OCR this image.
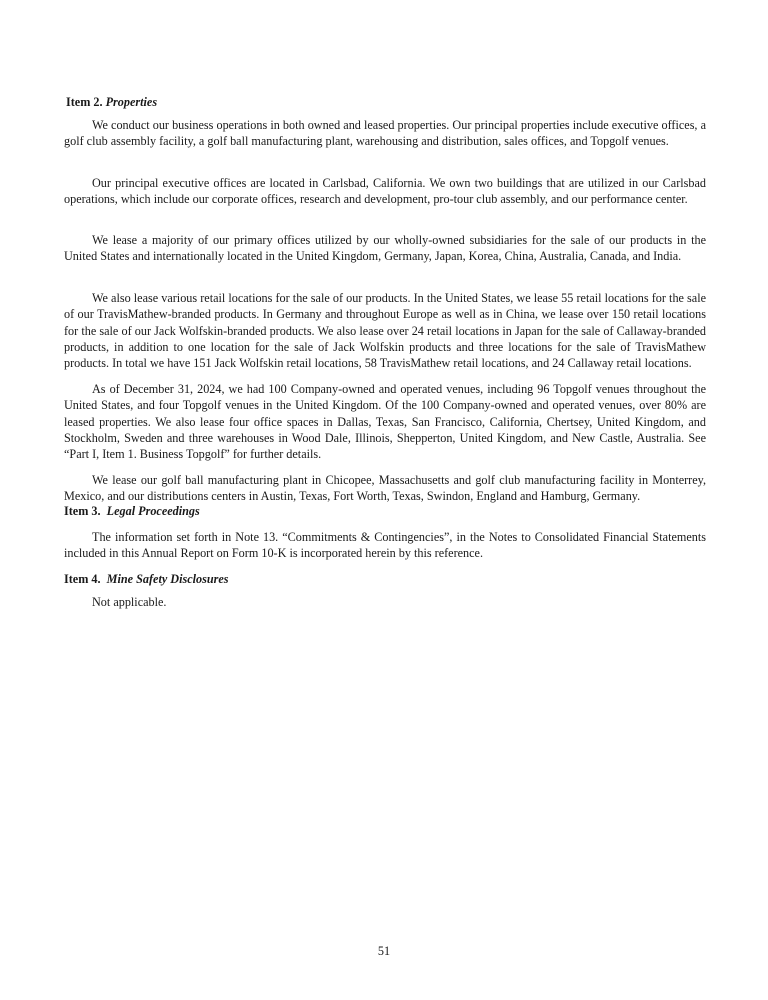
Item 2. Properties

We conduct our business operations in both owned and leased properties. Our principal properties include executive offices, a golf club assembly facility, a golf ball manufacturing plant, warehousing and distribution, sales offices, and Topgolf venues.

Our principal executive offices are located in Carlsbad, California. We own two buildings that are utilized in our Carlsbad operations, which include our corporate offices, research and development, pro-tour club assembly, and our performance center.

We lease a majority of our primary offices utilized by our wholly-owned subsidiaries for the sale of our products in the United States and internationally located in the United Kingdom, Germany, Japan, Korea, China, Australia, Canada, and India.

We also lease various retail locations for the sale of our products. In the United States, we lease 55 retail locations for the sale of our TravisMathew-branded products. In Germany and throughout Europe as well as in China, we lease over 150 retail locations for the sale of our Jack Wolfskin-branded products. We also lease over 24 retail locations in Japan for the sale of Callaway-branded products, in addition to one location for the sale of Jack Wolfskin products and three locations for the sale of TravisMathew products. In total we have 151 Jack Wolfskin retail locations, 58 TravisMathew retail locations, and 24 Callaway retail locations.

As of December 31, 2024, we had 100 Company-owned and operated venues, including 96 Topgolf venues throughout the United States, and four Topgolf venues in the United Kingdom. Of the 100 Company-owned and operated venues, over 80% are leased properties. We also lease four office spaces in Dallas, Texas, San Francisco, California, Chertsey, United Kingdom, and Stockholm, Sweden and three warehouses in Wood Dale, Illinois, Shepperton, United Kingdom, and New Castle, Australia. See “Part I, Item 1. Business Topgolf” for further details.

We lease our golf ball manufacturing plant in Chicopee, Massachusetts and golf club manufacturing facility in Monterrey, Mexico, and our distributions centers in Austin, Texas, Fort Worth, Texas, Swindon, England and Hamburg, Germany.

Item 3. Legal Proceedings

The information set forth in Note 13. “Commitments & Contingencies”, in the Notes to Consolidated Financial Statements included in this Annual Report on Form 10-K is incorporated herein by this reference.

Item 4. Mine Safety Disclosures

Not applicable.

51
